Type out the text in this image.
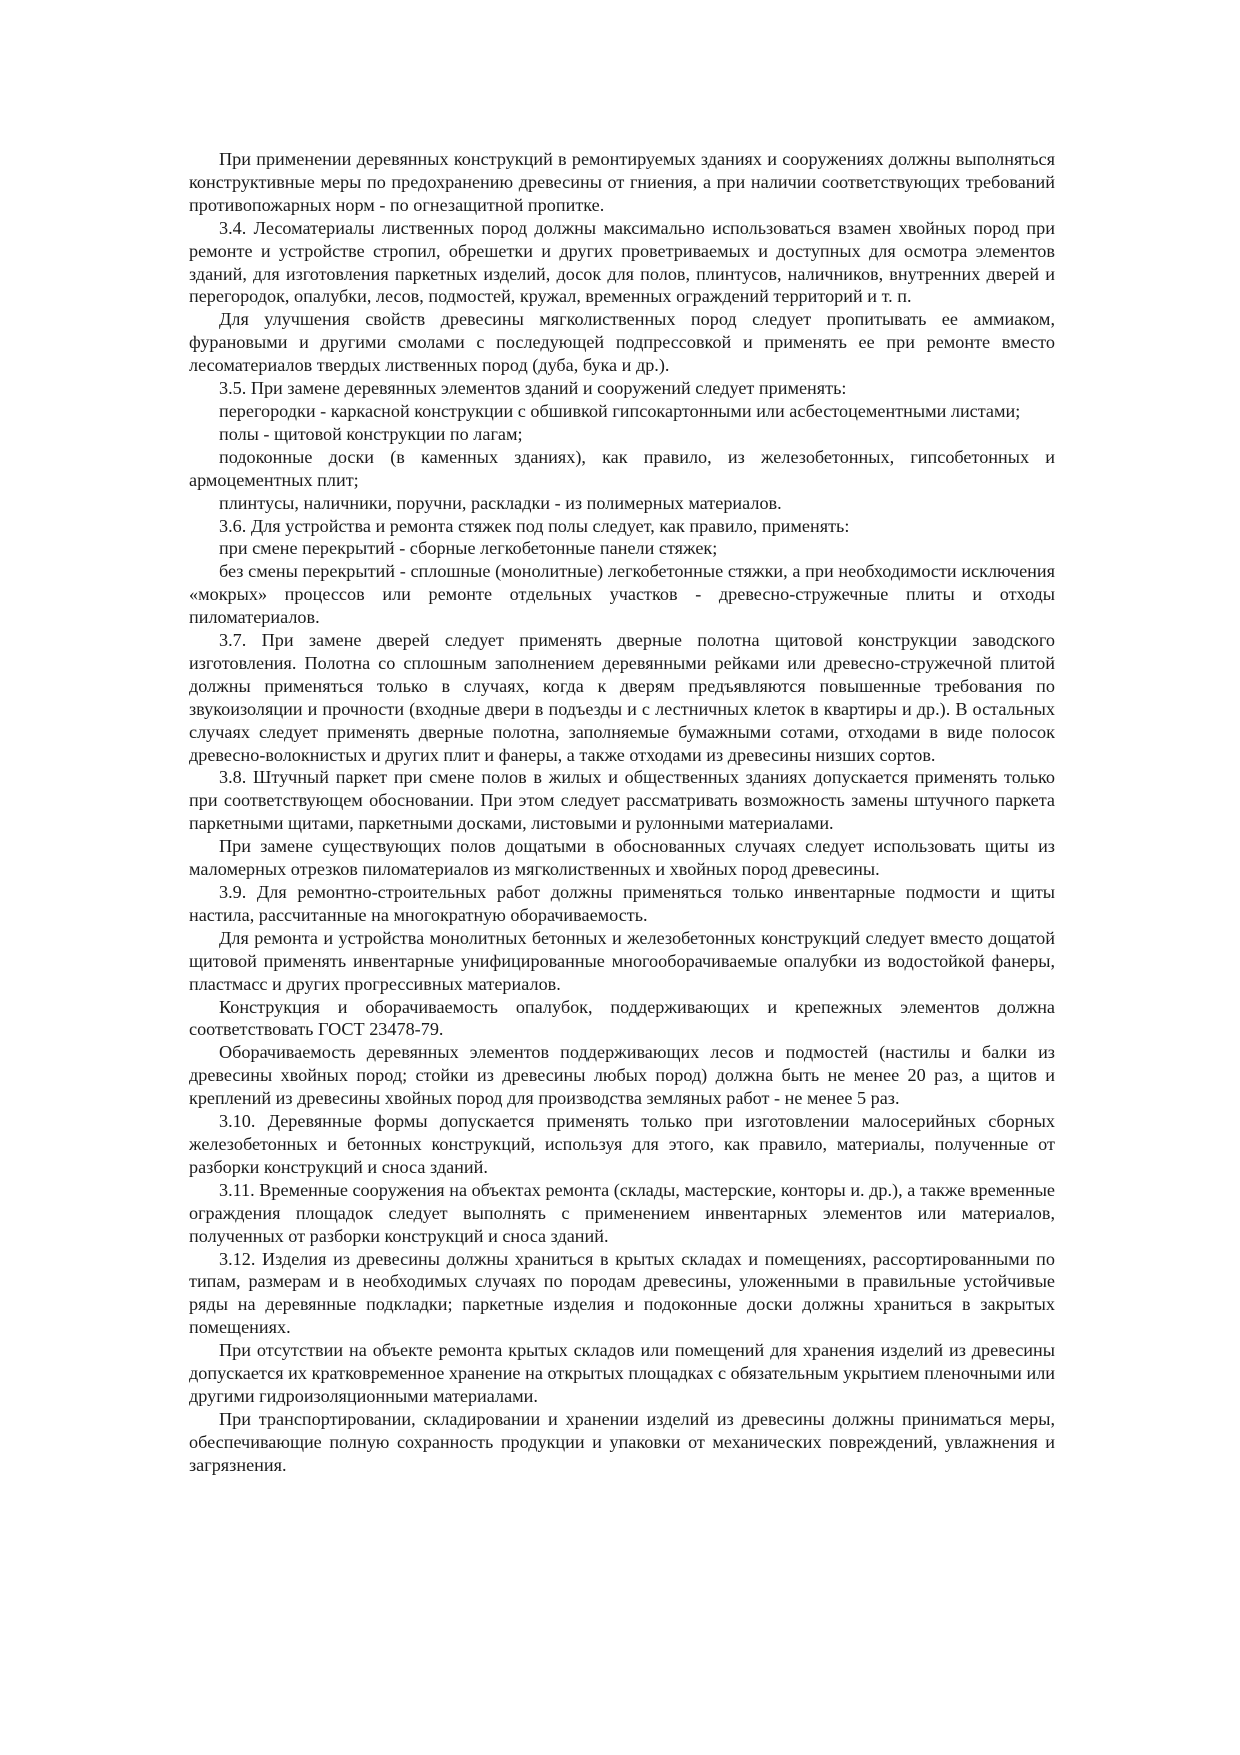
При применении деревянных конструкций в ремонтируемых зданиях и сооружениях должны выполняться конструктивные меры по предохранению древесины от гниения, а при наличии соответствующих требований противопожарных норм - по огнезащитной пропитке.

3.4. Лесоматериалы лиственных пород должны максимально использоваться взамен хвойных пород при ремонте и устройстве стропил, обрешетки и других проветриваемых и доступных для осмотра элементов зданий, для изготовления паркетных изделий, досок для полов, плинтусов, наличников, внутренних дверей и перегородок, опалубки, лесов, подмостей, кружал, временных ограждений территорий и т. п.

Для улучшения свойств древесины мягколиственных пород следует пропитывать ее аммиаком, фурановыми и другими смолами с последующей подпрессовкой и применять ее при ремонте вместо лесоматериалов твердых лиственных пород (дуба, бука и др.).

3.5. При замене деревянных элементов зданий и сооружений следует применять:

перегородки - каркасной конструкции с обшивкой гипсокартонными или асбестоцементными листами;

полы - щитовой конструкции по лагам;

подоконные доски (в каменных зданиях), как правило, из железобетонных, гипсобетонных и армоцементных плит;

плинтусы, наличники, поручни, раскладки - из полимерных материалов.

3.6. Для устройства и ремонта стяжек под полы следует, как правило, применять:

при смене перекрытий - сборные легкобетонные панели стяжек;

без смены перекрытий - сплошные (монолитные) легкобетонные стяжки, а при необходимости исключения «мокрых» процессов или ремонте отдельных участков - древесно-стружечные плиты и отходы пиломатериалов.

3.7. При замене дверей следует применять дверные полотна щитовой конструкции заводского изготовления. Полотна со сплошным заполнением деревянными рейками или древесно-стружечной плитой должны применяться только в случаях, когда к дверям предъявляются повышенные требования по звукоизоляции и прочности (входные двери в подъезды и с лестничных клеток в квартиры и др.). В остальных случаях следует применять дверные полотна, заполняемые бумажными сотами, отходами в виде полосок древесно-волокнистых и других плит и фанеры, а также отходами из древесины низших сортов.

3.8. Штучный паркет при смене полов в жилых и общественных зданиях допускается применять только при соответствующем обосновании. При этом следует рассматривать возможность замены штучного паркета паркетными щитами, паркетными досками, листовыми и рулонными материалами.

При замене существующих полов дощатыми в обоснованных случаях следует использовать щиты из маломерных отрезков пиломатериалов из мягколиственных и хвойных пород древесины.

3.9. Для ремонтно-строительных работ должны применяться только инвентарные подмости и щиты настила, рассчитанные на многократную оборачиваемость.

Для ремонта и устройства монолитных бетонных и железобетонных конструкций следует вместо дощатой щитовой применять инвентарные унифицированные многооборачиваемые опалубки из водостойкой фанеры, пластмасс и других прогрессивных материалов.

Конструкция и оборачиваемость опалубок, поддерживающих и крепежных элементов должна соответствовать ГОСТ 23478-79.

Оборачиваемость деревянных элементов поддерживающих лесов и подмостей (настилы и балки из древесины хвойных пород; стойки из древесины любых пород) должна быть не менее 20 раз, а щитов и креплений из древесины хвойных пород для производства земляных работ - не менее 5 раз.

3.10. Деревянные формы допускается применять только при изготовлении малосерийных сборных железобетонных и бетонных конструкций, используя для этого, как правило, материалы, полученные от разборки конструкций и сноса зданий.

3.11. Временные сооружения на объектах ремонта (склады, мастерские, конторы и. др.), а также временные ограждения площадок следует выполнять с применением инвентарных элементов или материалов, полученных от разборки конструкций и сноса зданий.

3.12. Изделия из древесины должны храниться в крытых складах и помещениях, рассортированными по типам, размерам и в необходимых случаях по породам древесины, уложенными в правильные устойчивые ряды на деревянные подкладки; паркетные изделия и подоконные доски должны храниться в закрытых помещениях.

При отсутствии на объекте ремонта крытых складов или помещений для хранения изделий из древесины допускается их кратковременное хранение на открытых площадках с обязательным укрытием пленочными или другими гидроизоляционными материалами.

При транспортировании, складировании и хранении изделий из древесины должны приниматься меры, обеспечивающие полную сохранность продукции и упаковки от механических повреждений, увлажнения и загрязнения.
